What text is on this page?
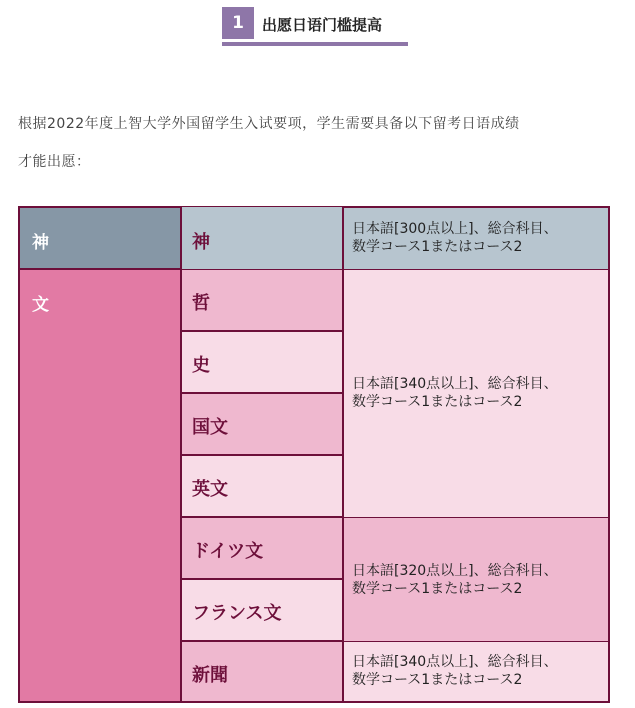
1	出愿日语门槛提高

根据2022年度上智大学外国留学生入试要项，学生需要具备以下留考日语成绩

才能出愿：

神
文
神
哲
史
国文
英文
ドイツ文
フランス文
新聞
日本語[300点以上]、総合科目、
数学コース1またはコース2
日本語[340点以上]、総合科目、
数学コース1またはコース2
日本語[320点以上]、総合科目、
数学コース1またはコース2
日本語[340点以上]、総合科目、
数学コース1またはコース2
